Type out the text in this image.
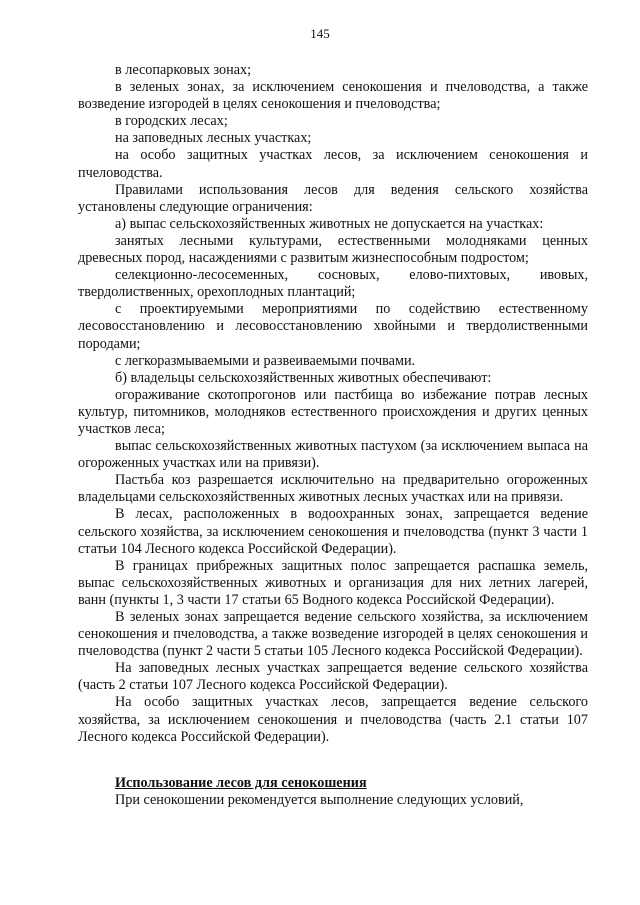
145

в лесопарковых зонах;

в зеленых зонах, за исключением сенокошения и пчеловодства, а также возведение изгородей в целях сенокошения и пчеловодства;

в городских лесах;

на заповедных лесных участках;

на особо защитных участках лесов, за исключением сенокошения и пчеловодства.

Правилами использования лесов для ведения сельского хозяйства установлены следующие ограничения:

а) выпас сельскохозяйственных животных не допускается на участках:

занятых лесными культурами, естественными молодняками ценных древесных пород, насаждениями с развитым жизнеспособным подростом;

селекционно-лесосеменных, сосновых, елово-пихтовых, ивовых, твердолиственных, орехоплодных плантаций;

с проектируемыми мероприятиями по содействию естественному лесовосстановлению и лесовосстановлению хвойными и твердолиственными породами;

с легкоразмываемыми и развеиваемыми почвами.

б) владельцы сельскохозяйственных животных обеспечивают:

огораживание скотопрогонов или пастбища во избежание потрав лесных культур, питомников, молодняков естественного происхождения и других ценных участков леса;

выпас сельскохозяйственных животных пастухом (за исключением выпаса на огороженных участках или на привязи).

Пастьба коз разрешается исключительно на предварительно огороженных владельцами сельскохозяйственных животных лесных участках или на привязи.

В лесах, расположенных в водоохранных зонах, запрещается ведение сельского хозяйства, за исключением сенокошения и пчеловодства (пункт 3 части 1 статьи 104 Лесного кодекса Российской Федерации).

В границах прибрежных защитных полос запрещается распашка земель, выпас сельскохозяйственных животных и организация для них летних лагерей, ванн (пункты 1, 3 части 17 статьи 65 Водного кодекса Российской Федерации).

В зеленых зонах запрещается ведение сельского хозяйства, за исключением сенокошения и пчеловодства, а также возведение изгородей в целях сенокошения и пчеловодства (пункт 2 части 5 статьи 105 Лесного кодекса Российской Федерации).

На заповедных лесных участках запрещается ведение сельского хозяйства (часть 2 статьи 107 Лесного кодекса Российской Федерации).

На особо защитных участках лесов, запрещается ведение сельского хозяйства, за исключением сенокошения и пчеловодства (часть 2.1 статьи 107 Лесного кодекса Российской Федерации).

Использование лесов для сенокошения

При сенокошении рекомендуется выполнение следующих условий,
